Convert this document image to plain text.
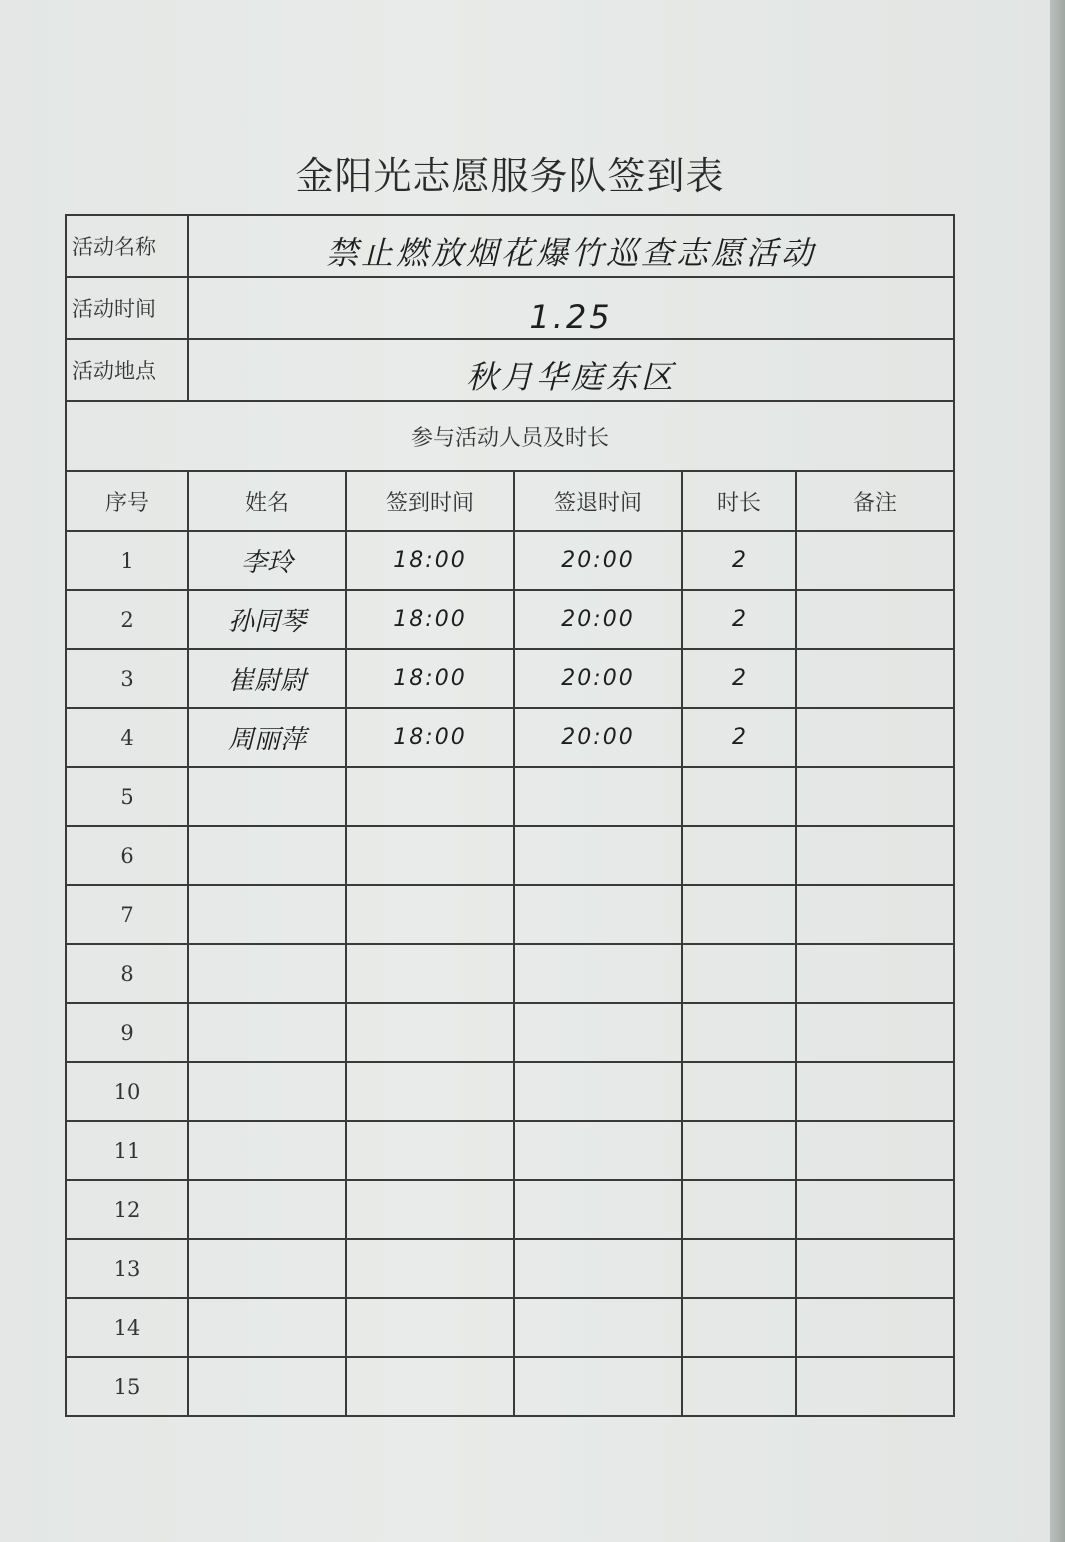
金阳光志愿服务队签到表
活动名称	禁止燃放烟花爆竹巡查志愿活动				
活动时间	1.25				
活动地点	秋月华庭东区				
参与活动人员及时长					
序号	姓名	签到时间	签退时间	时长	备注
1	李玲	18:00	20:00	2	
2	孙同琴	18:00	20:00	2	
3	崔尉尉	18:00	20:00	2	
4	周丽萍	18:00	20:00	2	
5					
6					
7					
8					
9					
10					
11					
12					
13					
14					
15					
